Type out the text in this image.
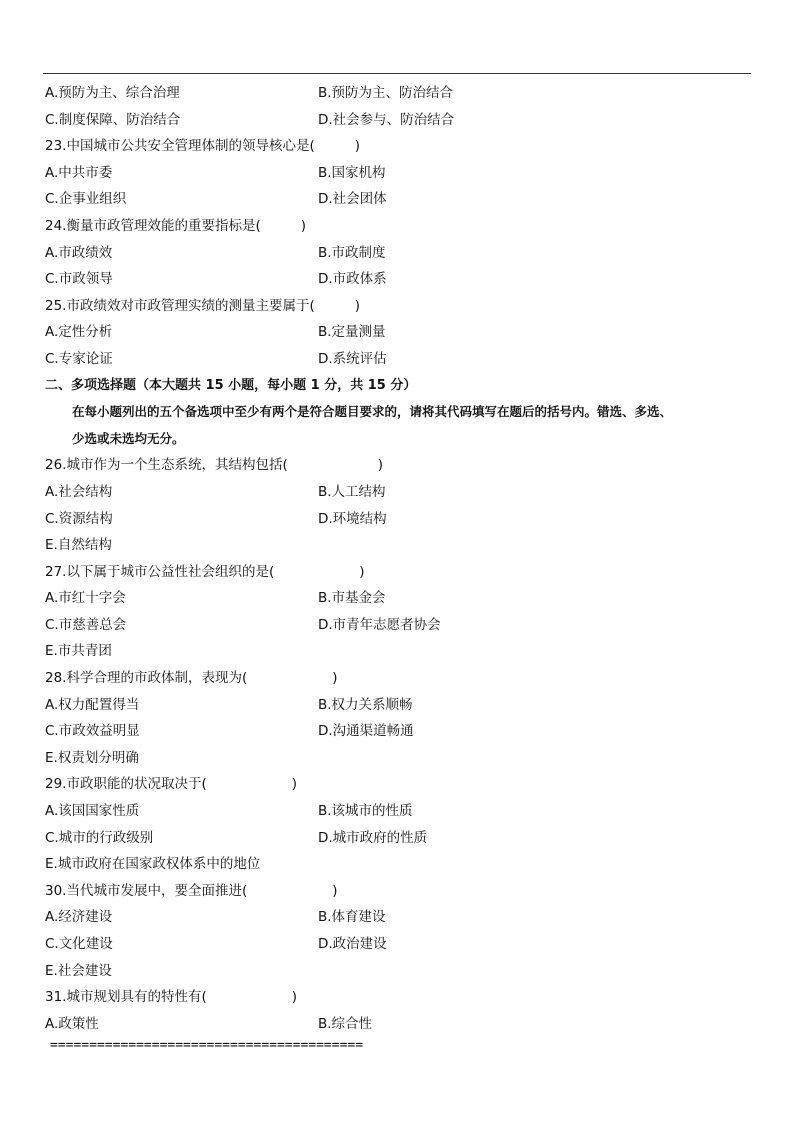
A.预防为主、综合治理	B.预防为主、防治结合
C.制度保障、防治结合	D.社会参与、防治结合
23.中国城市公共安全管理体制的领导核心是(	)
A.中共市委	B.国家机构
C.企事业组织	D.社会团体
24.衡量市政管理效能的重要指标是(	)
A.市政绩效	B.市政制度
C.市政领导	D.市政体系
25.市政绩效对市政管理实绩的测量主要属于(	)
A.定性分析	B.定量测量
C.专家论证	D.系统评估
二、多项选择题（本大题共 15 小题，每小题 1 分，共 15 分）
在每小题列出的五个备选项中至少有两个是符合题目要求的，请将其代码填写在题后的括号内。错选、多选、
少选或未选均无分。
26.城市作为一个生态系统，其结构包括(	)
A.社会结构	B.人工结构
C.资源结构	D.环境结构
E.自然结构
27.以下属于城市公益性社会组织的是(	)
A.市红十字会	B.市基金会
C.市慈善总会	D.市青年志愿者协会
E.市共青团
28.科学合理的市政体制，表现为(	)
A.权力配置得当	B.权力关系顺畅
C.市政效益明显	D.沟通渠道畅通
E.权责划分明确
29.市政职能的状况取决于(	)
A.该国国家性质	B.该城市的性质
C.城市的行政级别	D.城市政府的性质
E.城市政府在国家政权体系中的地位
30.当代城市发展中，要全面推进(	)
A.经济建设	B.体育建设
C.文化建设	D.政治建设
E.社会建设
31.城市规划具有的特性有(	)
A.政策性	B.综合性
========================================
